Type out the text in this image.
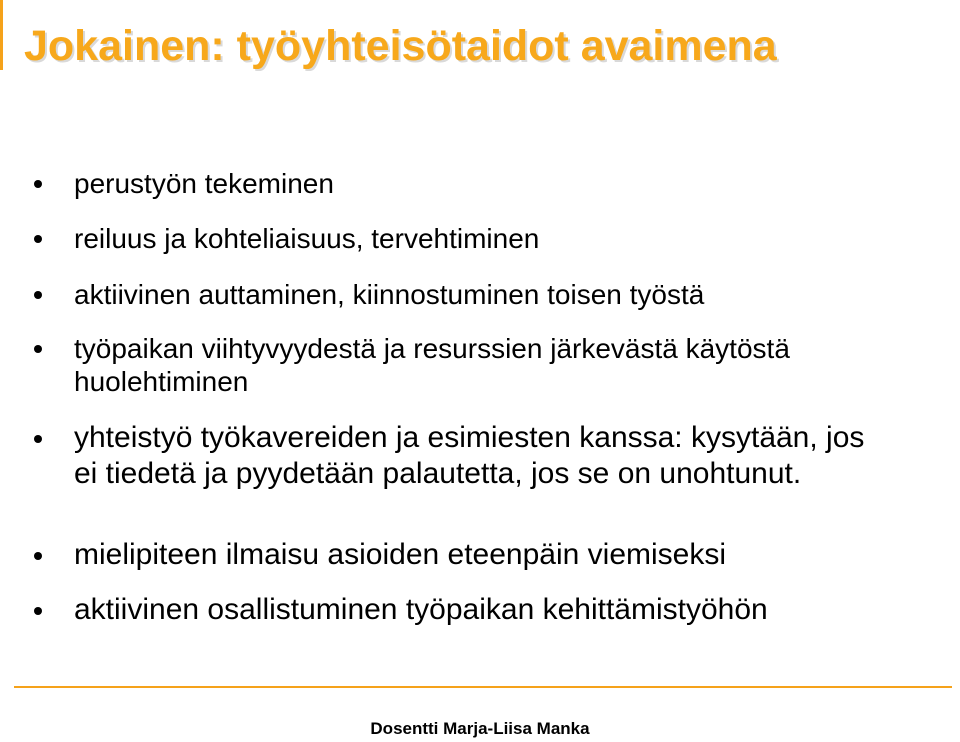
Jokainen: työyhteisötaidot avaimena
perustyön tekeminen
reiluus ja kohteliaisuus, tervehtiminen
aktiivinen auttaminen, kiinnostuminen toisen työstä
työpaikan viihtyvyydestä ja resurssien järkevästä käytöstä huolehtiminen
yhteistyö työkavereiden ja esimiesten kanssa: kysytään, jos ei tiedetä ja pyydetään palautetta, jos se on unohtunut.
mielipiteen ilmaisu asioiden eteenpäin viemiseksi
aktiivinen osallistuminen työpaikan kehittämistyöhön
Dosentti Marja-Liisa Manka
